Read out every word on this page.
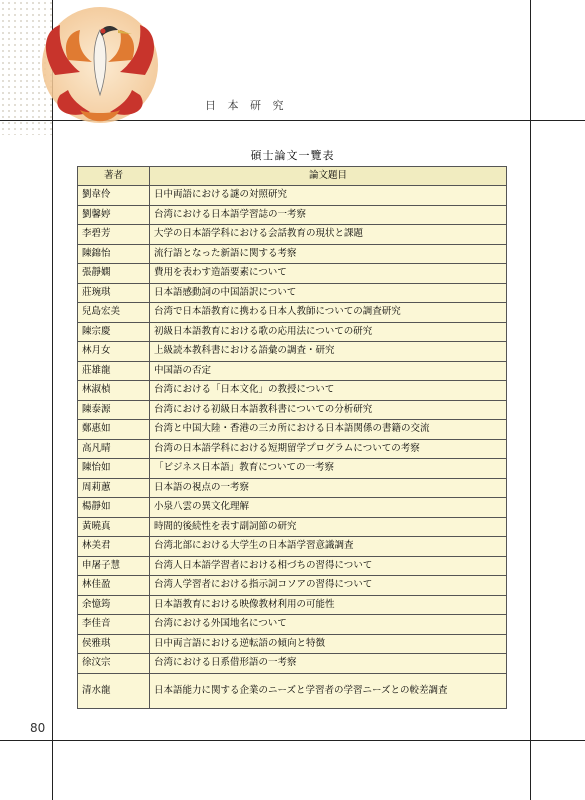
日 本 研 究
碩士論文一覽表
著者	論文題目
劉韋伶	日中両語における謎の対照研究
劉馨婷	台湾における日本語学習誌の一考察
李碧芳	大学の日本語学科における会話教育の現状と課題
陳錦怡	流行語となった新語に関する考察
張靜嫻	費用を表わす造語要素について
莊琬琪	日本語感動詞の中国語訳について
兒島宏美	台湾で日本語教育に携わる日本人教師についての調査研究
陳宗慶	初級日本語教育における歌の応用法についての研究
林月女	上級読本教科書における語彙の調査・研究
莊雄龍	中国語の否定
林淑楨	台湾における「日本文化」の教授について
陳泰源	台湾における初級日本語教科書についての分析研究
鄭惠如	台湾と中国大陸・香港の三カ所における日本語関係の書籍の交流
高凡晴	台湾の日本語学科における短期留学プログラムについての考察
陳怡如	「ビジネス日本語」教育についての一考察
周莉蕙	日本語の視点の一考察
楊靜如	小泉八雲の異文化理解
黃曉真	時間的後続性を表す副詞節の研究
林美君	台湾北部における大学生の日本語学習意識調査
申屠子慧	台湾人日本語学習者における相づちの習得について
林佳盈	台湾人学習者における指示詞コソアの習得について
余憶筠	日本語教育における映像教材利用の可能性
李佳音	台湾における外国地名について
侯雅琪	日中両言語における逆転語の傾向と特徴
徐汶宗	台湾における日系借形語の一考察
清水龍	日本語能力に関する企業のニーズと学習者の学習ニーズとの較差調査
80
